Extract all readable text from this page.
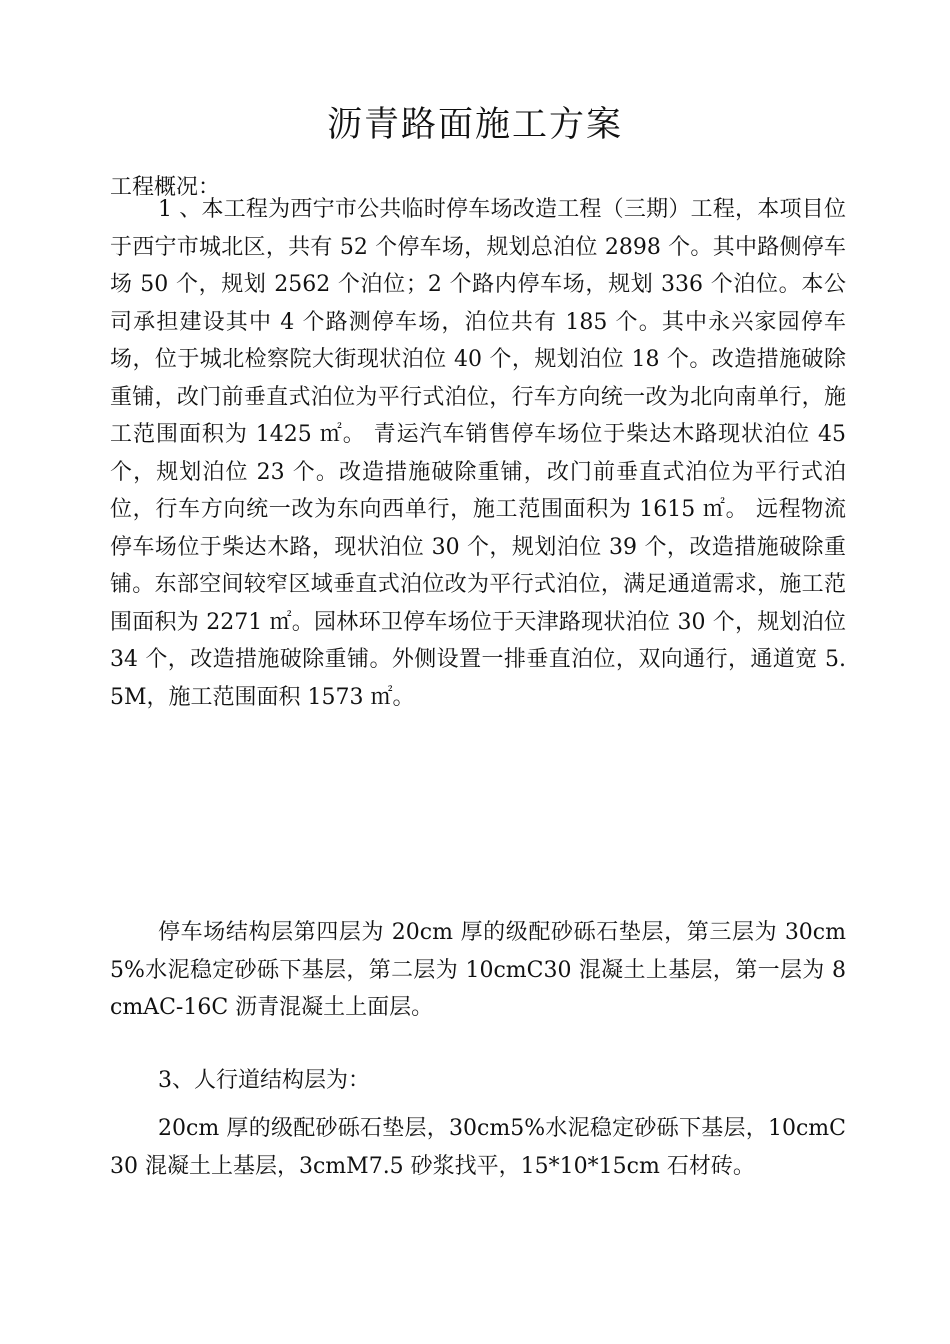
沥青路面施工方案
工程概况：

1 、本工程为西宁市公共临时停车场改造工程（三期）工程，本项目位于西宁市城北区，共有 52 个停车场，规划总泊位 2898 个。其中路侧停车场 50 个，规划 2562 个泊位；2 个路内停车场，规划 336 个泊位。本公司承担建设其中 4 个路测停车场，泊位共有 185 个。其中永兴家园停车场，位于城北检察院大街现状泊位 40 个，规划泊位 18 个。改造措施破除重铺，改门前垂直式泊位为平行式泊位，行车方向统一改为北向南单行，施工范围面积为 1425 ㎡。 青运汽车销售停车场位于柴达木路现状泊位 45 个，规划泊位 23 个。改造措施破除重铺，改门前垂直式泊位为平行式泊位，行车方向统一改为东向西单行，施工范围面积为 1615 ㎡。 远程物流停车场位于柴达木路，现状泊位 30 个，规划泊位 39 个，改造措施破除重铺。东部空间较窄区域垂直式泊位改为平行式泊位，满足通道需求，施工范围面积为 2271 ㎡。园林环卫停车场位于天津路现状泊位 30 个，规划泊位 34 个，改造措施破除重铺。外侧设置一排垂直泊位，双向通行，通道宽 5.5M，施工范围面积 1573 ㎡。

停车场结构层第四层为 20cm 厚的级配砂砾石垫层，第三层为 30cm5%水泥稳定砂砾下基层，第二层为 10cmC30 混凝土上基层，第一层为 8cmAC-16C 沥青混凝土上面层。

3、人行道结构层为：

20cm 厚的级配砂砾石垫层，30cm5%水泥稳定砂砾下基层，10cmC30 混凝土上基层，3cmM7.5 砂浆找平，15*10*15cm 石材砖。
